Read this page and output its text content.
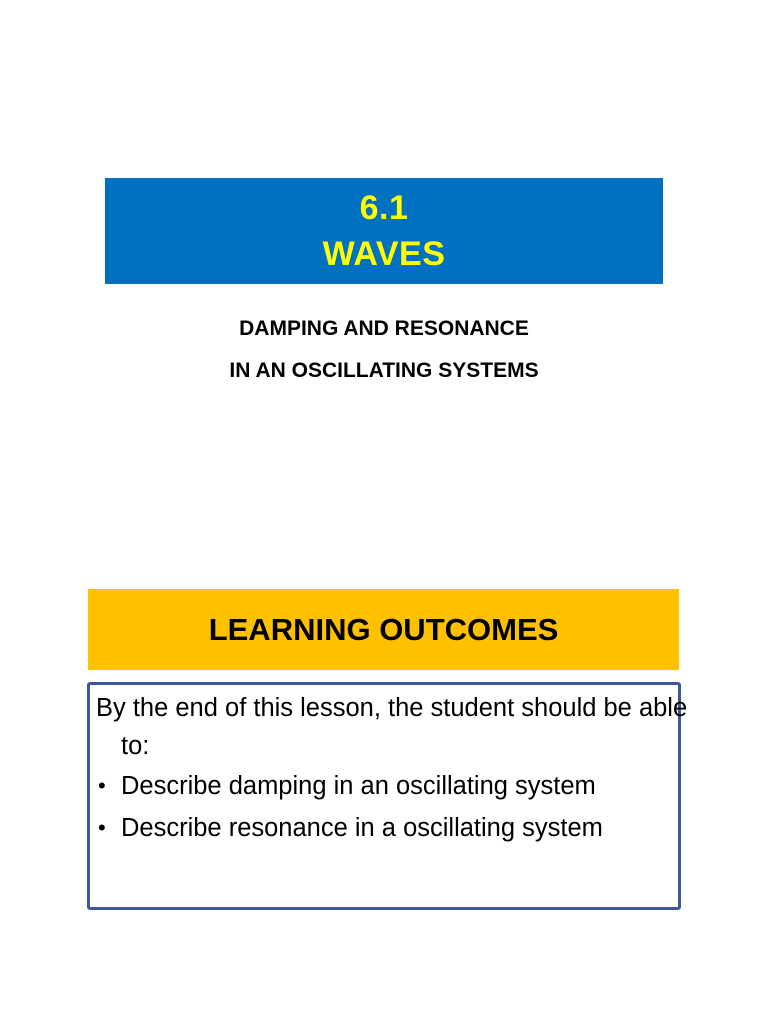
6.1
WAVES
DAMPING AND RESONANCE
IN AN OSCILLATING SYSTEMS
LEARNING OUTCOMES
By the end of this lesson, the student should be able to:
• Describe damping in an oscillating system
• Describe resonance in a oscillating system
